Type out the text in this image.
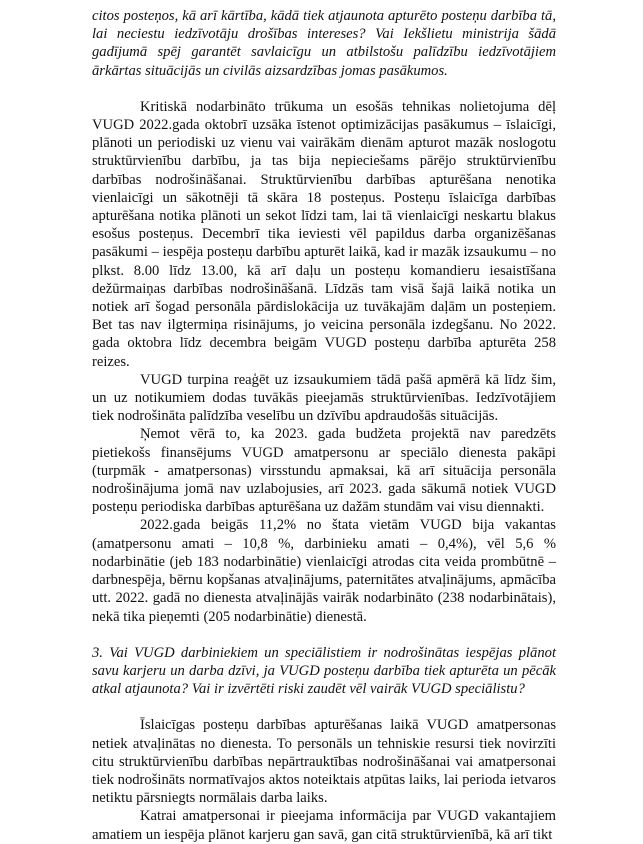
citos posteņos, kā arī kārtība, kādā tiek atjaunota apturēto posteņu darbība tā, lai neciestu iedzīvotāju drošības intereses? Vai Iekšlietu ministrija šādā gadījumā spēj garantēt savlaicīgu un atbilstošu palīdzību iedzīvotājiem ārkārtas situācijās un civilās aizsardzības jomas pasākumos.

Kritiskā nodarbināto trūkuma un esošās tehnikas nolietojuma dēļ VUGD 2022.gada oktobrī uzsāka īstenot optimizācijas pasākumus – īslaicīgi, plānoti un periodiski uz vienu vai vairākām dienām apturot mazāk noslogotu struktūrvienību darbību, ja tas bija nepieciešams pārējo struktūrvienību darbības nodrošināšanai. Struktūrvienību darbības apturēšana nenotika vienlaicīgi un sākotnēji tā skāra 18 posteņus. Posteņu īslaicīga darbības apturēšana notika plānoti un sekot līdzi tam, lai tā vienlaicīgi neskartu blakus esošus posteņus. Decembrī tika ieviesti vēl papildus darba organizēšanas pasākumi – iespēja posteņu darbību apturēt laikā, kad ir mazāk izsaukumu – no plkst. 8.00 līdz 13.00, kā arī daļu un posteņu komandieru iesaistīšana dežūrmaiņas darbības nodrošināšanā. Līdzās tam visā šajā laikā notika un notiek arī šogad personāla pārdislokācija uz tuvākajām daļām un posteņiem. Bet tas nav ilgtermiņa risinājums, jo veicina personāla izdegšanu. No 2022. gada oktobra līdz decembra beigām VUGD posteņu darbība apturēta 258 reizes.

VUGD turpina reaģēt uz izsaukumiem tādā pašā apmērā kā līdz šim, un uz notikumiem dodas tuvākās pieejamās struktūrvienības. Iedzīvotājiem tiek nodrošināta palīdzība veselību un dzīvību apdraudošās situācijās.

Ņemot vērā to, ka 2023. gada budžeta projektā nav paredzēts pietiekošs finansējums VUGD amatpersonu ar speciālo dienesta pakāpi (turpmāk - amatpersonas) virsstundu apmaksai, kā arī situācija personāla nodrošinājuma jomā nav uzlabojusies, arī 2023. gada sākumā notiek VUGD posteņu periodiska darbības apturēšana uz dažām stundām vai visu diennakti.

2022.gada beigās 11,2% no štata vietām VUGD bija vakantas (amatpersonu amati – 10,8 %, darbinieku amati – 0,4%), vēl 5,6 % nodarbinātie (jeb 183 nodarbinātie) vienlaicīgi atrodas cita veida prombūtnē – darbnespēja, bērnu kopšanas atvaļinājums, paternitātes atvaļinājums, apmācība utt. 2022. gadā no dienesta atvaļinājās vairāk nodarbināto (238 nodarbinātais), nekā tika pieņemti (205 nodarbinātie) dienestā.

3. Vai VUGD darbiniekiem un speciālistiem ir nodrošinātas iespējas plānot savu karjeru un darba dzīvi, ja VUGD posteņu darbība tiek apturēta un pēcāk atkal atjaunota? Vai ir izvērtēti riski zaudēt vēl vairāk VUGD speciālistu?

Īslaicīgas posteņu darbības apturēšanas laikā VUGD amatpersonas netiek atvaļinātas no dienesta. To personāls un tehniskie resursi tiek novirzīti citu struktūrvienību darbības nepārtrauktības nodrošināšanai vai amatpersonai tiek nodrošināts normatīvajos aktos noteiktais atpūtas laiks, lai perioda ietvaros netiktu pārsniegts normālais darba laiks.

Katrai amatpersonai ir pieejama informācija par VUGD vakantajiem amatiem un iespēja plānot karjeru gan savā, gan citā struktūrvienībā, kā arī tikt
